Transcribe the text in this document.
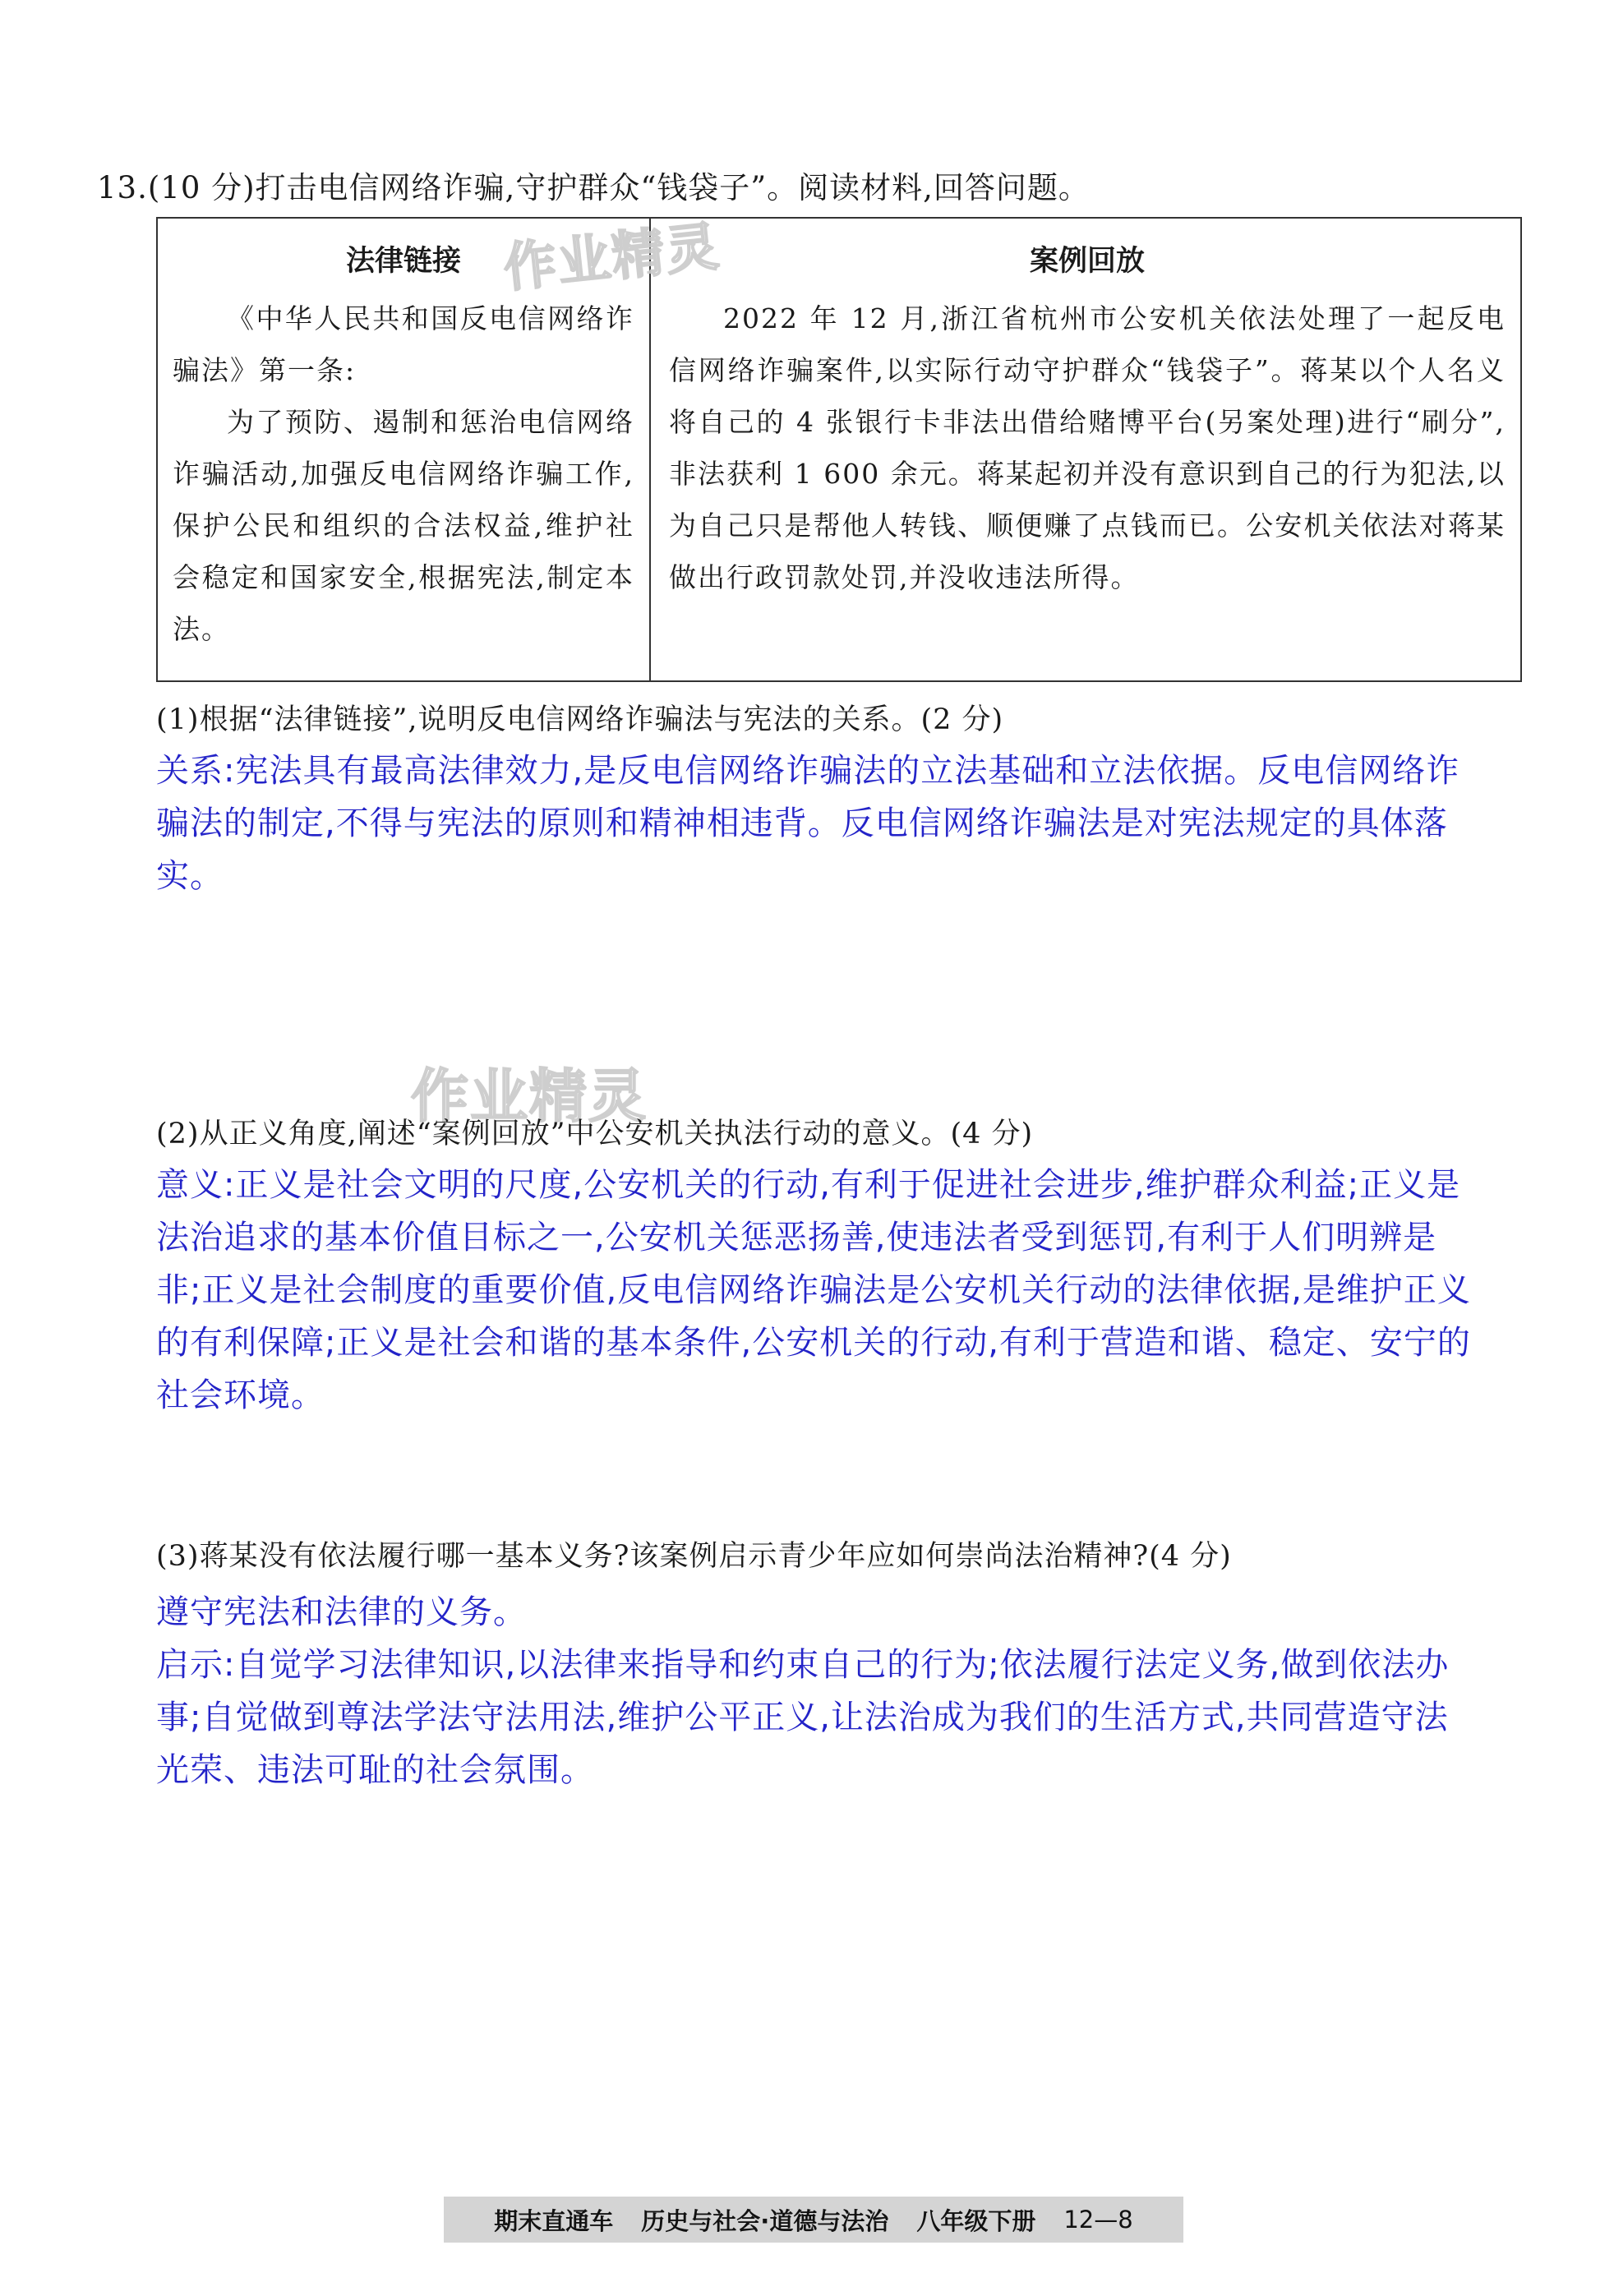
13.(10 分)打击电信网络诈骗,守护群众“钱袋子”。阅读材料,回答问题。
法律链接

《中华人民共和国反电信网络诈骗法》第一条:

为了预防、遏制和惩治电信网络诈骗活动,加强反电信网络诈骗工作,保护公民和组织的合法权益,维护社会稳定和国家安全,根据宪法,制定本法。

案例回放

2022 年 12 月,浙江省杭州市公安机关依法处理了一起反电信网络诈骗案件,以实际行动守护群众“钱袋子”。蒋某以个人名义将自己的 4 张银行卡非法出借给赌博平台(另案处理)进行“刷分”,非法获利 1 600 余元。蒋某起初并没有意识到自己的行为犯法,以为自己只是帮他人转钱、顺便赚了点钱而已。公安机关依法对蒋某做出行政罚款处罚,并没收违法所得。

作业精灵
作业精灵
(1)根据“法律链接”,说明反电信网络诈骗法与宪法的关系。(2 分)

关系:宪法具有最高法律效力,是反电信网络诈骗法的立法基础和立法依据。反电信网络诈骗法的制定,不得与宪法的原则和精神相违背。反电信网络诈骗法是对宪法规定的具体落实。

(2)从正义角度,阐述“案例回放”中公安机关执法行动的意义。(4 分)

意义:正义是社会文明的尺度,公安机关的行动,有利于促进社会进步,维护群众利益;正义是法治追求的基本价值目标之一,公安机关惩恶扬善,使违法者受到惩罚,有利于人们明辨是非;正义是社会制度的重要价值,反电信网络诈骗法是公安机关行动的法律依据,是维护正义的有利保障;正义是社会和谐的基本条件,公安机关的行动,有利于营造和谐、稳定、安宁的社会环境。

(3)蒋某没有依法履行哪一基本义务?该案例启示青少年应如何崇尚法治精神?(4 分)

遵守宪法和法律的义务。

启示:自觉学习法律知识,以法律来指导和约束自己的行为;依法履行法定义务,做到依法办事;自觉做到尊法学法守法用法,维护公平正义,让法治成为我们的生活方式,共同营造守法光荣、违法可耻的社会氛围。

期末直通车 历史与社会·道德与法治 八年级下册 12—8
